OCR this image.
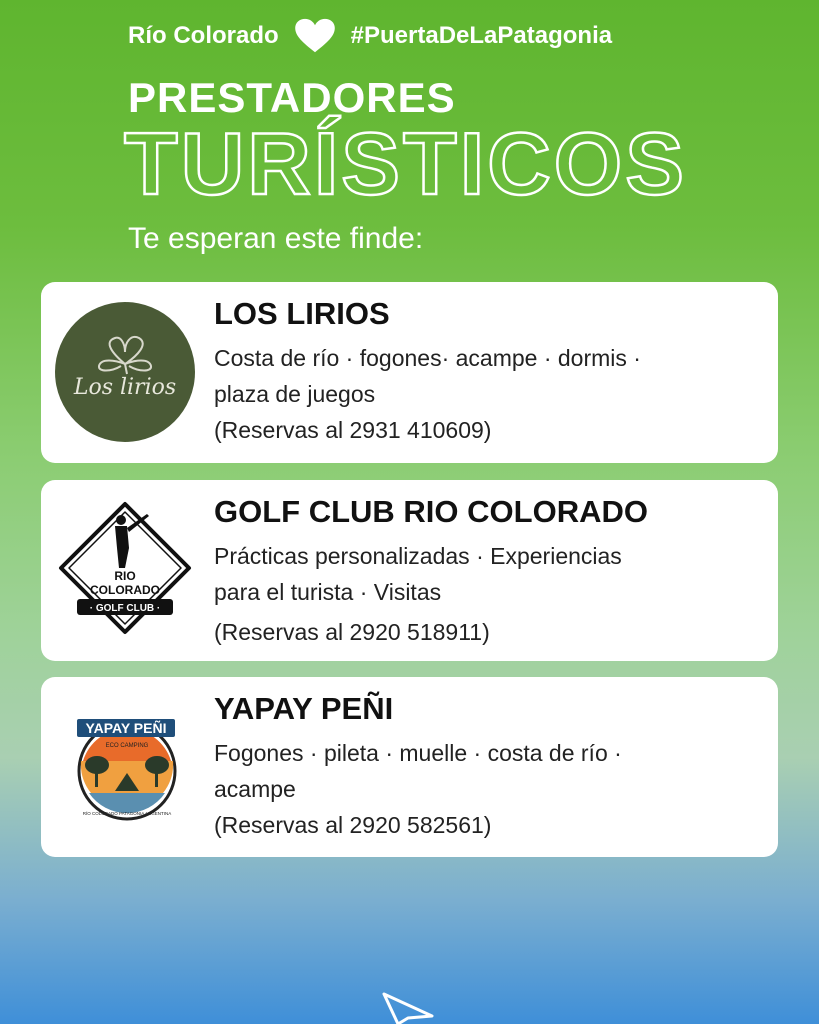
Río Colorado	#PuertaDeLaPatagonia
PRESTADORES
TURÍSTICOS
Te esperan este finde:
Los lirios
LOS LIRIOS
Costa de río · fogones· acampe · dormis ·
plaza de juegos
(Reservas al 2931 410609)
RIO
COLORADO
· GOLF CLUB ·
GOLF CLUB RIO COLORADO
Prácticas personalizadas · Experiencias
para el turista · Visitas
(Reservas al 2920 518911)
YAPAY PEÑI
ECO CAMPING
RÍO COLORADO PATAGONIA ARGENTINA
YAPAY PEÑI
Fogones · pileta · muelle · costa de río ·
acampe
(Reservas al 2920 582561)
